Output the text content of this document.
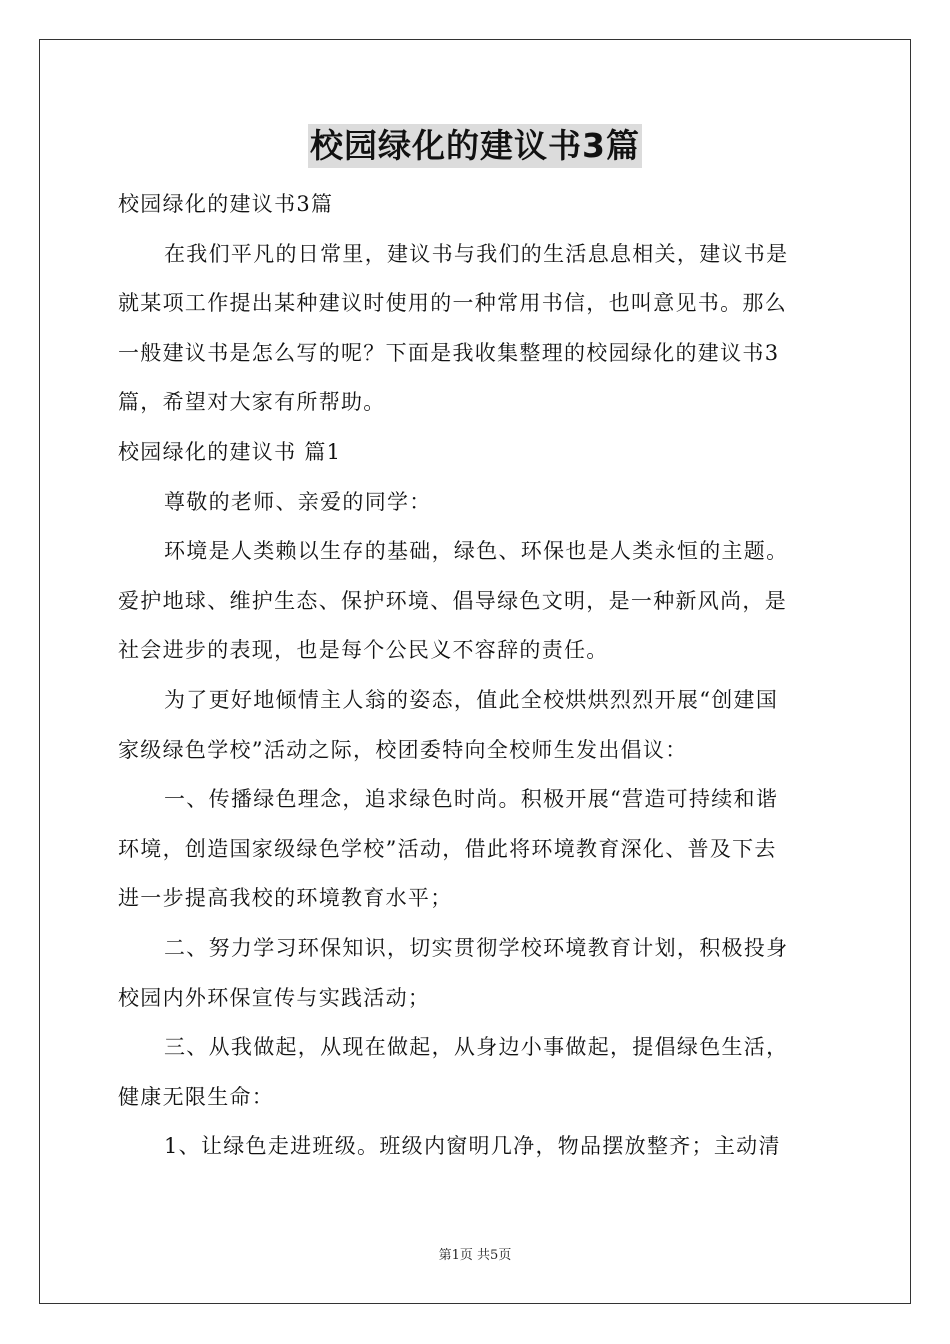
校园绿化的建议书3篇
校园绿化的建议书3篇
在我们平凡的日常里，建议书与我们的生活息息相关，建议书是
就某项工作提出某种建议时使用的一种常用书信，也叫意见书。那么
一般建议书是怎么写的呢？下面是我收集整理的校园绿化的建议书3
篇，希望对大家有所帮助。
校园绿化的建议书 篇1
尊敬的老师、亲爱的同学：
环境是人类赖以生存的基础，绿色、环保也是人类永恒的主题。
爱护地球、维护生态、保护环境、倡导绿色文明，是一种新风尚，是
社会进步的表现，也是每个公民义不容辞的责任。
为了更好地倾情主人翁的姿态，值此全校烘烘烈烈开展“创建国
家级绿色学校”活动之际，校团委特向全校师生发出倡议：
一、传播绿色理念，追求绿色时尚。积极开展“营造可持续和谐
环境，创造国家级绿色学校”活动，借此将环境教育深化、普及下去
进一步提高我校的环境教育水平；
二、努力学习环保知识，切实贯彻学校环境教育计划，积极投身
校园内外环保宣传与实践活动；
三、从我做起，从现在做起，从身边小事做起，提倡绿色生活，
健康无限生命：
1、让绿色走进班级。班级内窗明几净，物品摆放整齐；主动清
第1页 共5页
